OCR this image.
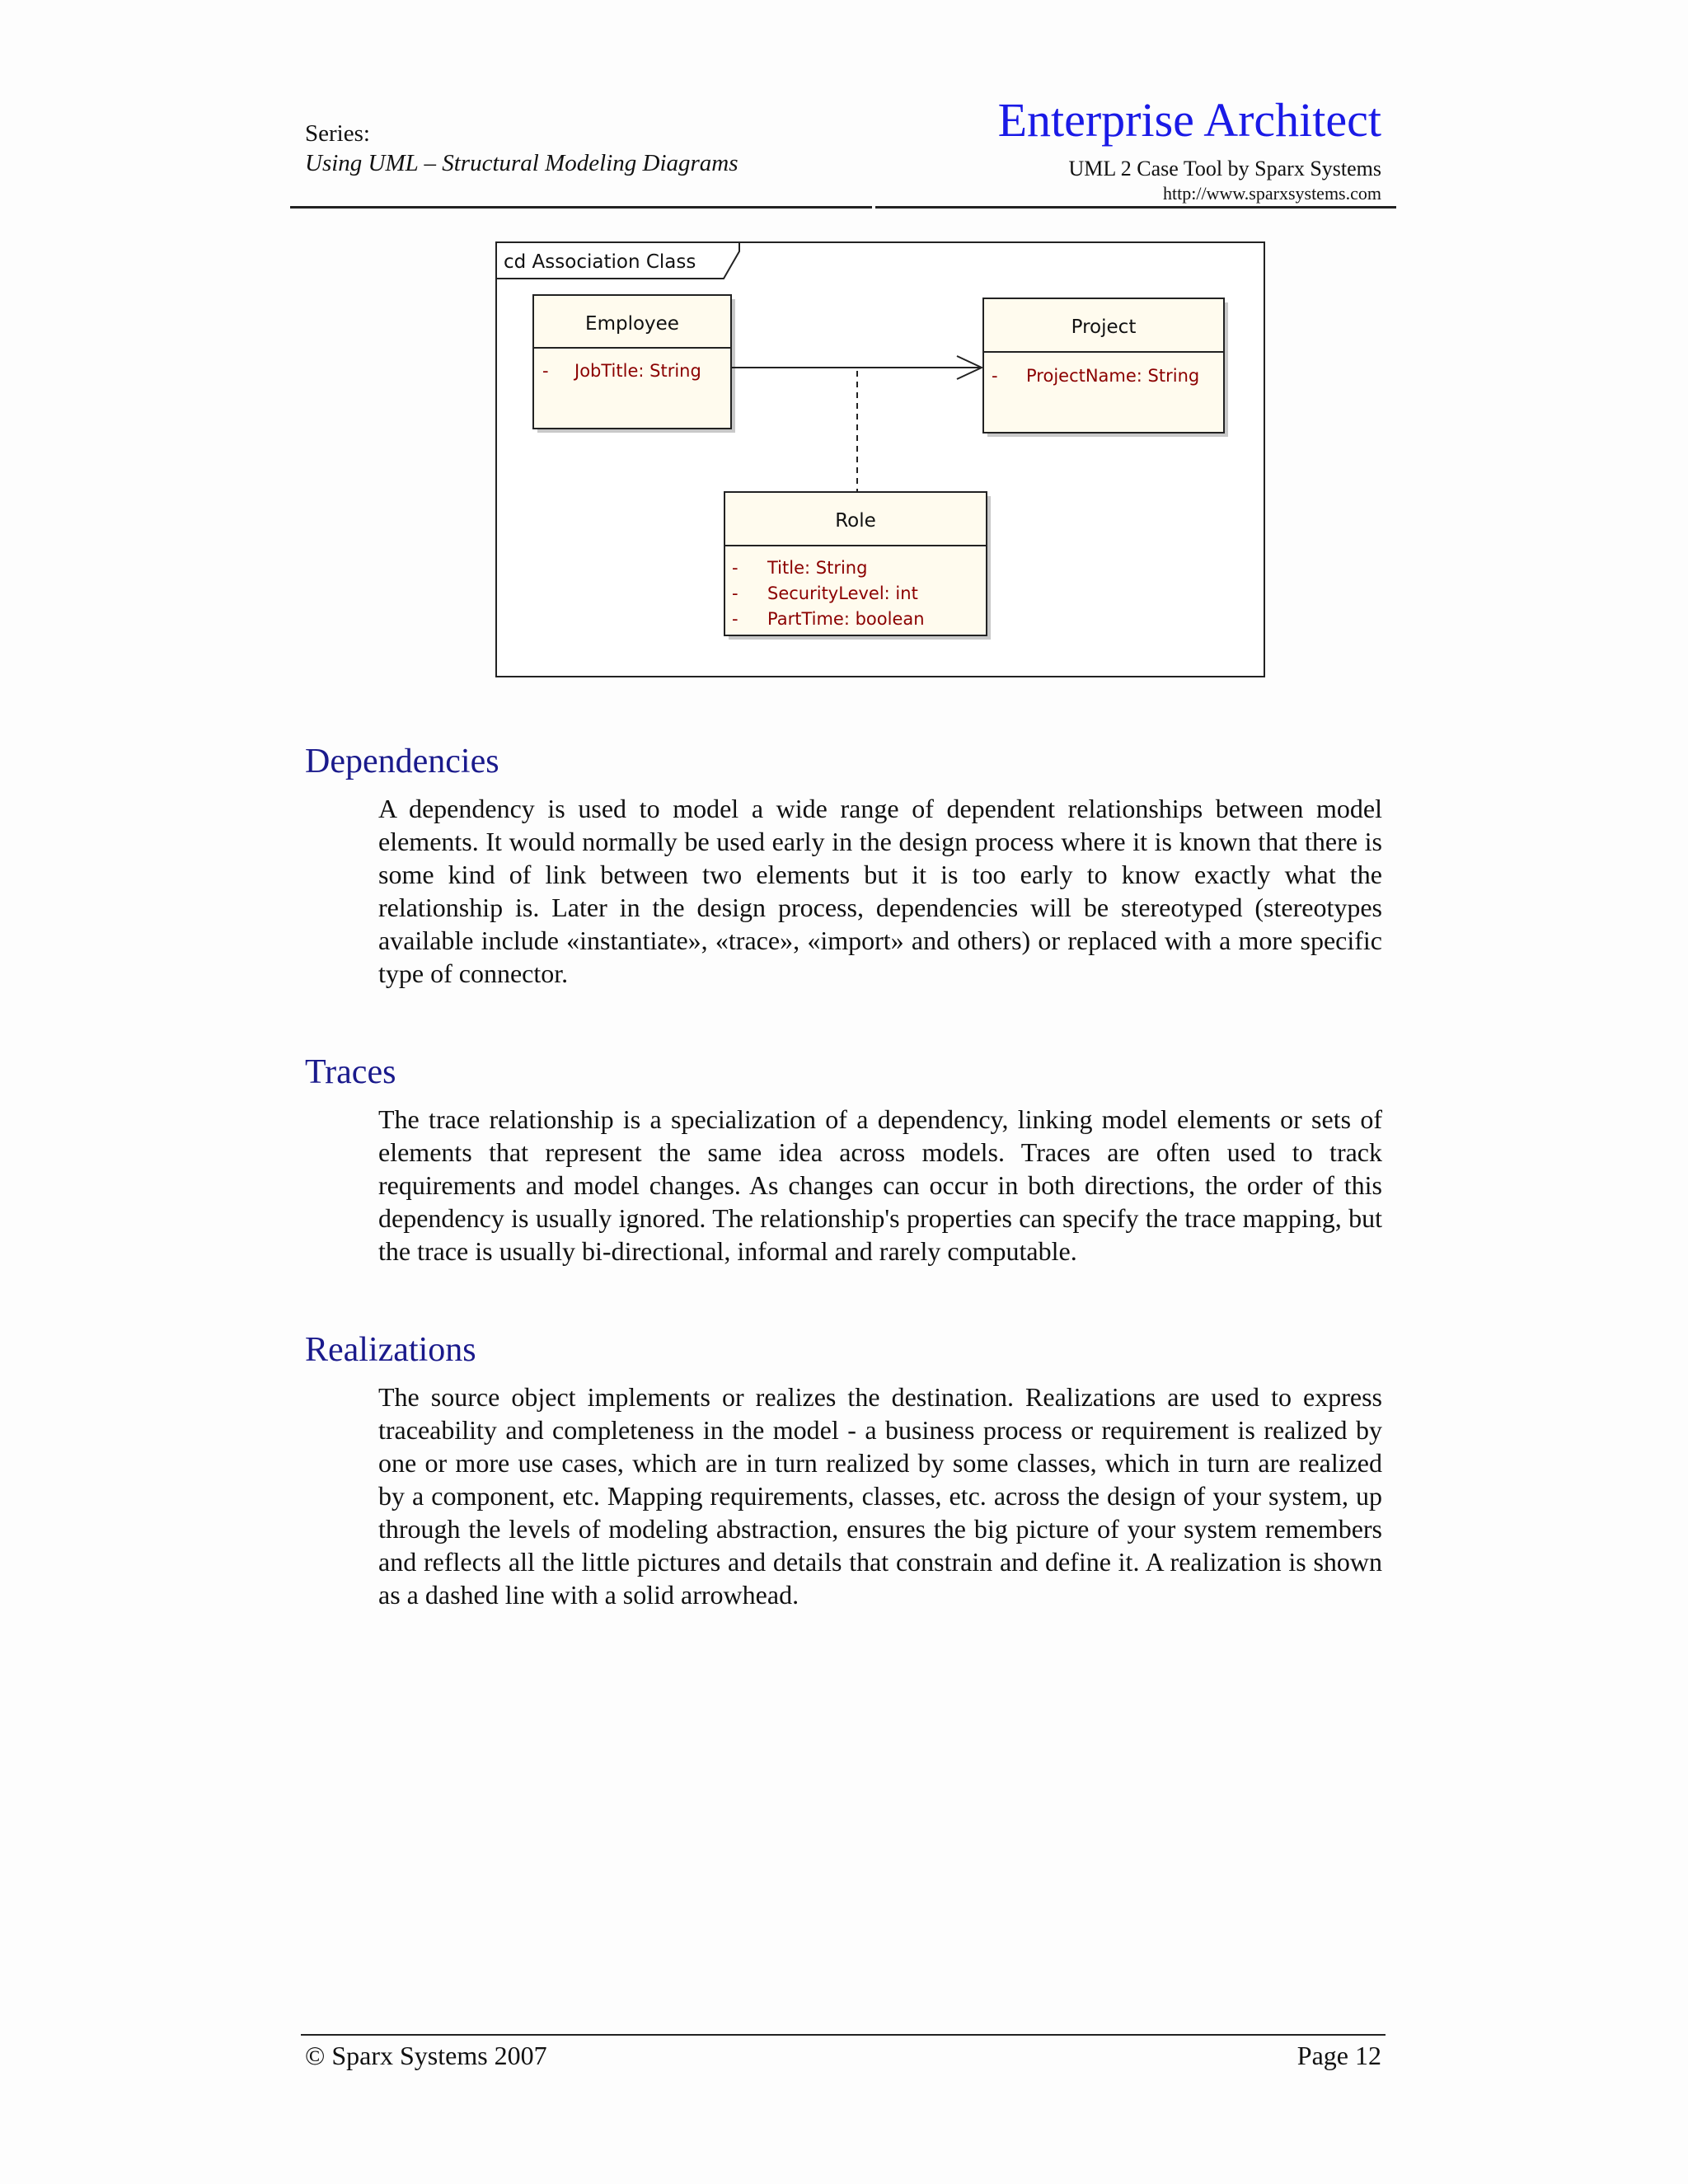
Series:
Using UML – Structural Modeling Diagrams
Enterprise Architect
UML 2 Case Tool by Sparx Systems
http://www.sparxsystems.com
cd Association Class
Employee
- JobTitle: String
Project
- ProjectName: String
Role
- Title: String
- SecurityLevel: int
- PartTime: boolean
Dependencies
A dependency is used to model a wide range of dependent relationships between model elements. It would normally be used early in the design process where it is known that there is some kind of link between two elements but it is too early to know exactly what the relationship is. Later in the design process, dependencies will be stereotyped (stereotypes available include «instantiate», «trace», «import» and others) or replaced with a more specific type of connector.
Traces
The trace relationship is a specialization of a dependency, linking model elements or sets of elements that represent the same idea across models. Traces are often used to track requirements and model changes. As changes can occur in both directions, the order of this dependency is usually ignored. The relationship's properties can specify the trace mapping, but the trace is usually bi-directional, informal and rarely computable.
Realizations
The source object implements or realizes the destination. Realizations are used to express traceability and completeness in the model - a business process or requirement is realized by one or more use cases, which are in turn realized by some classes, which in turn are realized by a component, etc. Mapping requirements, classes, etc. across the design of your system, up through the levels of modeling abstraction, ensures the big picture of your system remembers and reflects all the little pictures and details that constrain and define it. A realization is shown as a dashed line with a solid arrowhead.
© Sparx Systems 2007	Page 12
